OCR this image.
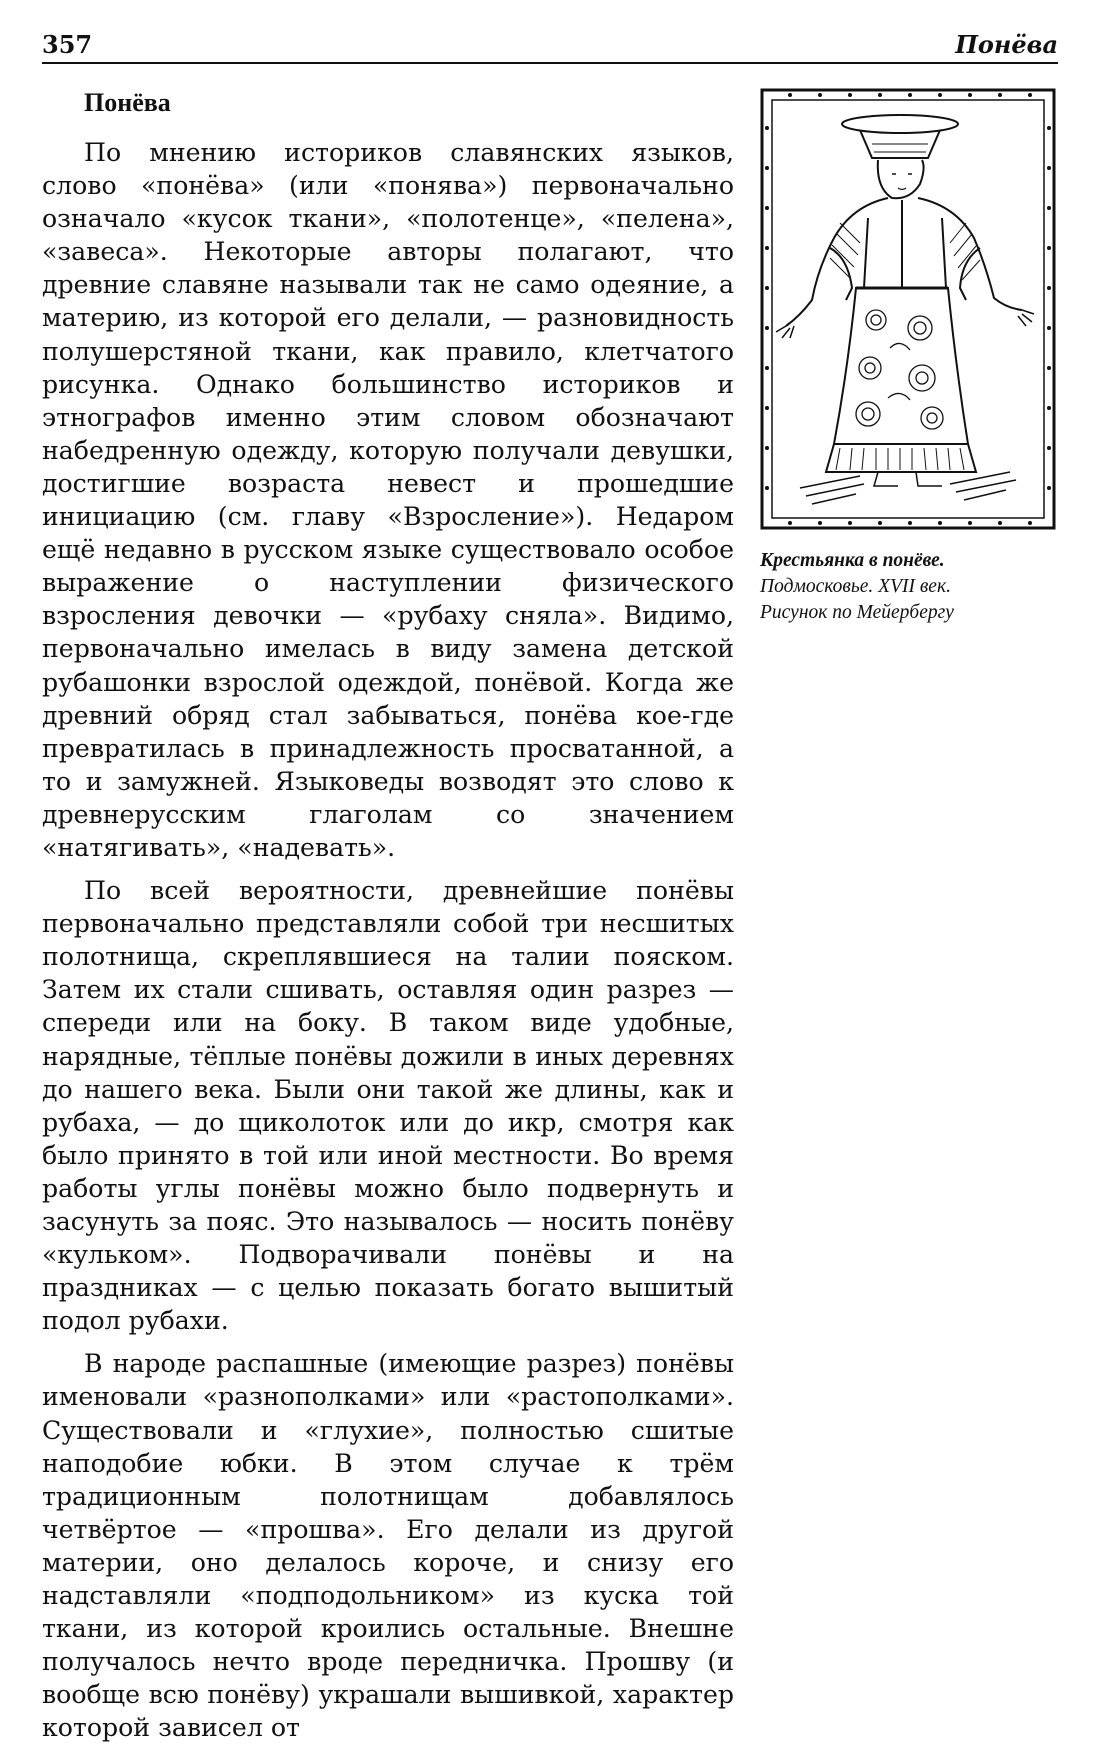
357	Понёва
Понёва

По мнению историков славянских языков, слово «понёва» (или «понява») первоначально означало «кусок ткани», «полотенце», «пелена», «завеса». Некоторые авторы полагают, что древние славяне называли так не само одеяние, а материю, из которой его делали, — разновидность полушерстяной ткани, как правило, клетчатого рисунка. Однако большинство историков и этнографов именно этим словом обозначают набедренную одежду, которую получали девушки, достигшие возраста невест и прошедшие инициацию (см. главу «Взросление»). Недаром ещё недавно в русском языке существовало особое выражение о наступлении физического взросления девочки — «рубаху сняла». Видимо, первоначально имелась в виду замена детской рубашонки взрослой одеждой, понёвой. Когда же древний обряд стал забываться, понёва кое-где превратилась в принадлежность просватанной, а то и замужней. Языковеды возводят это слово к древнерусским глаголам со значением «натягивать», «надевать».

По всей вероятности, древнейшие понёвы первоначально представляли собой три несшитых полотнища, скреплявшиеся на талии пояском. Затем их стали сшивать, оставляя один разрез — спереди или на боку. В таком виде удобные, нарядные, тёплые понёвы дожили в иных деревнях до нашего века. Были они такой же длины, как и рубаха, — до щиколоток или до икр, смотря как было принято в той или иной местности. Во время работы углы понёвы можно было подвернуть и засунуть за пояс. Это называлось — носить понёву «кульком». Подворачивали понёвы и на праздниках — с целью показать богато вышитый подол рубахи.

В народе распашные (имеющие разрез) понёвы именовали «разнополками» или «растополками». Существовали и «глухие», полностью сшитые наподобие юбки. В этом случае к трём традиционным полотнищам добавлялось четвёртое — «прошва». Его делали из другой материи, оно делалось короче, и снизу его надставляли «подподольником» из куска той ткани, из которой кроились остальные. Внешне получалось нечто вроде передничка. Прошву (и вообще всю понёву) украшали вышивкой, характер которой зависел от

Крестьянка в понёве.
Подмосковье. XVII век.
Рисунок по Мейербергу
